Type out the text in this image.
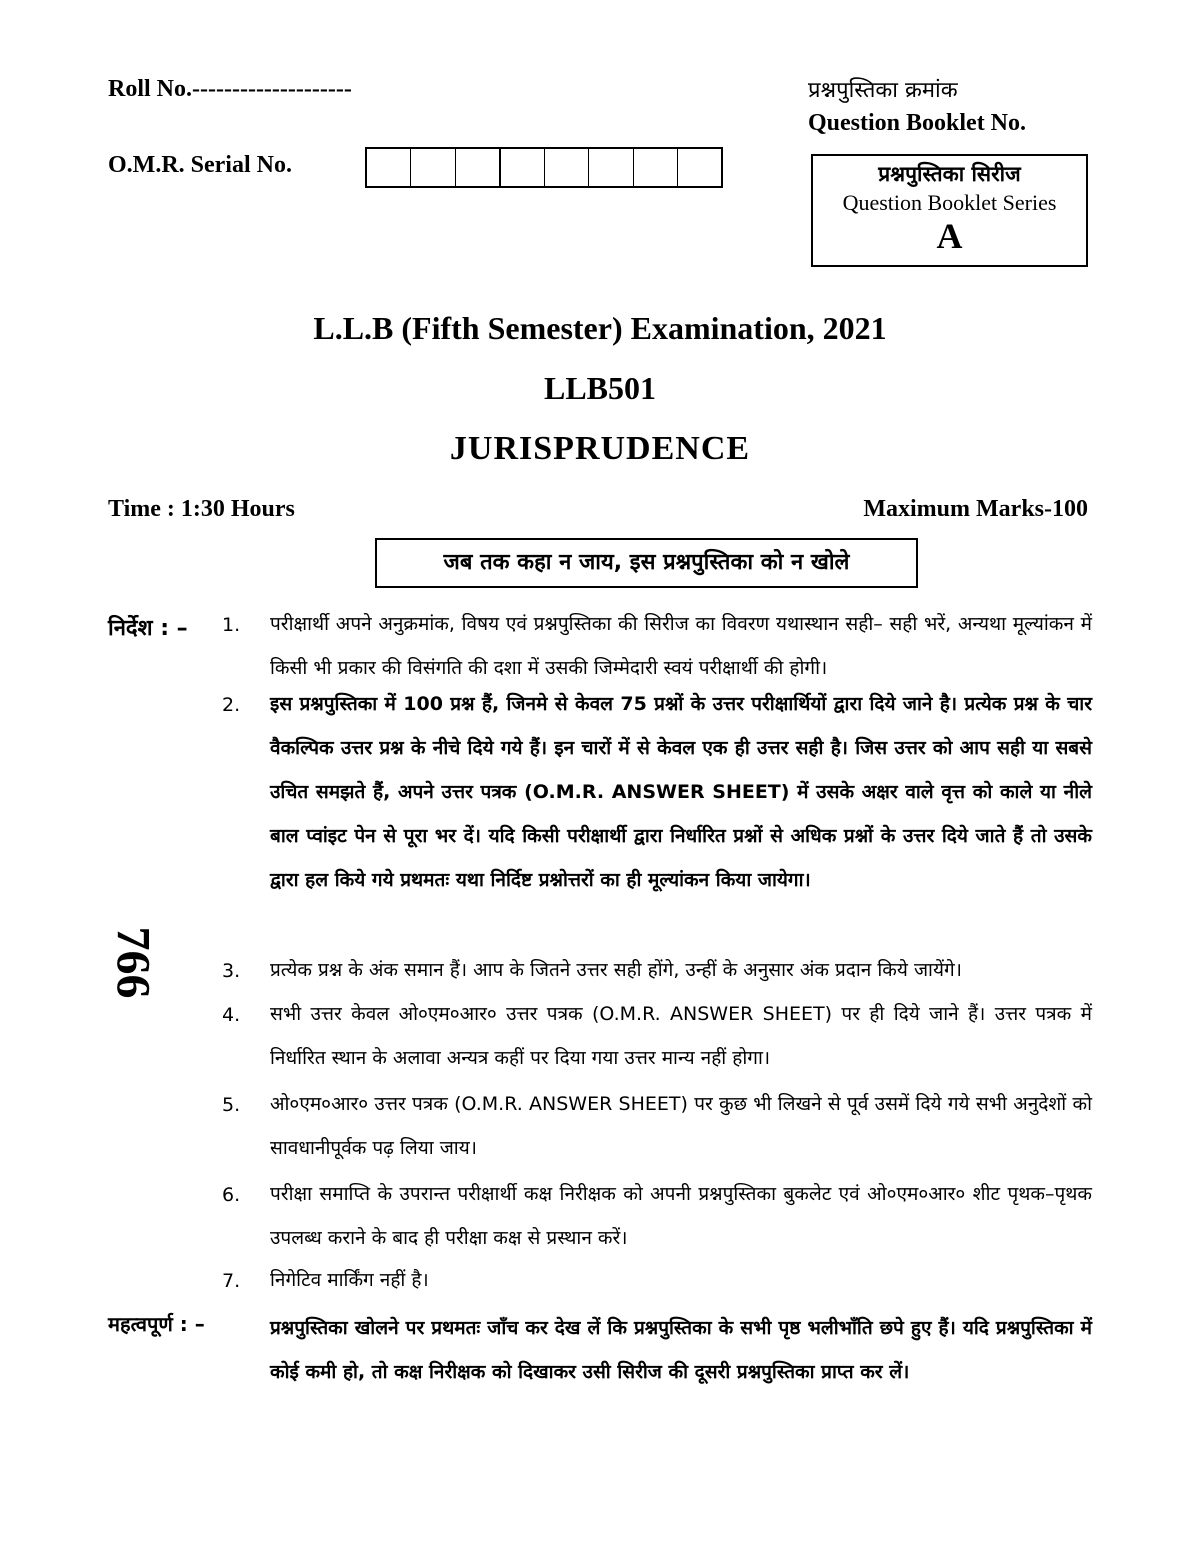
Roll No.--------------------
O.M.R. Serial No.
प्रश्नपुस्तिका क्रमांक
Question Booklet No.
प्रश्नपुस्तिका सिरीज
Question Booklet Series
A
L.L.B (Fifth Semester) Examination, 2021
LLB501
JURISPRUDENCE
Time : 1:30 Hours	Maximum Marks-100
जब तक कहा न जाय, इस प्रश्नपुस्तिका को न खोले
766
निर्देश : – 1. परीक्षार्थी अपने अनुक्रमांक, विषय एवं प्रश्नपुस्तिका की सिरीज का विवरण यथास्थान सही– सही भरें, अन्यथा मूल्यांकन में किसी भी प्रकार की विसंगति की दशा में उसकी जिम्मेदारी स्वयं परीक्षार्थी की होगी।
2. इस प्रश्नपुस्तिका में 100 प्रश्न हैं, जिनमे से केवल 75 प्रश्नों के उत्तर परीक्षार्थियों द्वारा दिये जाने है। प्रत्येक प्रश्न के चार वैकल्पिक उत्तर प्रश्न के नीचे दिये गये हैं। इन चारों में से केवल एक ही उत्तर सही है। जिस उत्तर को आप सही या सबसे उचित समझते हैं, अपने उत्तर पत्रक (O.M.R. ANSWER SHEET) में उसके अक्षर वाले वृत्त को काले या नीले बाल प्वांइट पेन से पूरा भर दें। यदि किसी परीक्षार्थी द्वारा निर्धारित प्रश्नों से अधिक प्रश्नों के उत्तर दिये जाते हैं तो उसके द्वारा हल किये गये प्रथमतः यथा निर्दिष्ट प्रश्नोत्तरों का ही मूल्यांकन किया जायेगा।
3. प्रत्येक प्रश्न के अंक समान हैं। आप के जितने उत्तर सही होंगे, उन्हीं के अनुसार अंक प्रदान किये जायेंगे।
4. सभी उत्तर केवल ओ०एम०आर० उत्तर पत्रक (O.M.R. ANSWER SHEET) पर ही दिये जाने हैं। उत्तर पत्रक में निर्धारित स्थान के अलावा अन्यत्र कहीं पर दिया गया उत्तर मान्य नहीं होगा।
5. ओ०एम०आर० उत्तर पत्रक (O.M.R. ANSWER SHEET) पर कुछ भी लिखने से पूर्व उसमें दिये गये सभी अनुदेशों को सावधानीपूर्वक पढ़ लिया जाय।
6. परीक्षा समाप्ति के उपरान्त परीक्षार्थी कक्ष निरीक्षक को अपनी प्रश्नपुस्तिका बुकलेट एवं ओ०एम०आर० शीट पृथक–पृथक उपलब्ध कराने के बाद ही परीक्षा कक्ष से प्रस्थान करें।
7. निगेटिव मार्किंग नहीं है।
महत्वपूर्ण : –	प्रश्नपुस्तिका खोलने पर प्रथमतः जाँच कर देख लें कि प्रश्नपुस्तिका के सभी पृष्ठ भलीभाँति छपे हुए हैं। यदि प्रश्नपुस्तिका में कोई कमी हो, तो कक्ष निरीक्षक को दिखाकर उसी सिरीज की दूसरी प्रश्नपुस्तिका प्राप्त कर लें।
